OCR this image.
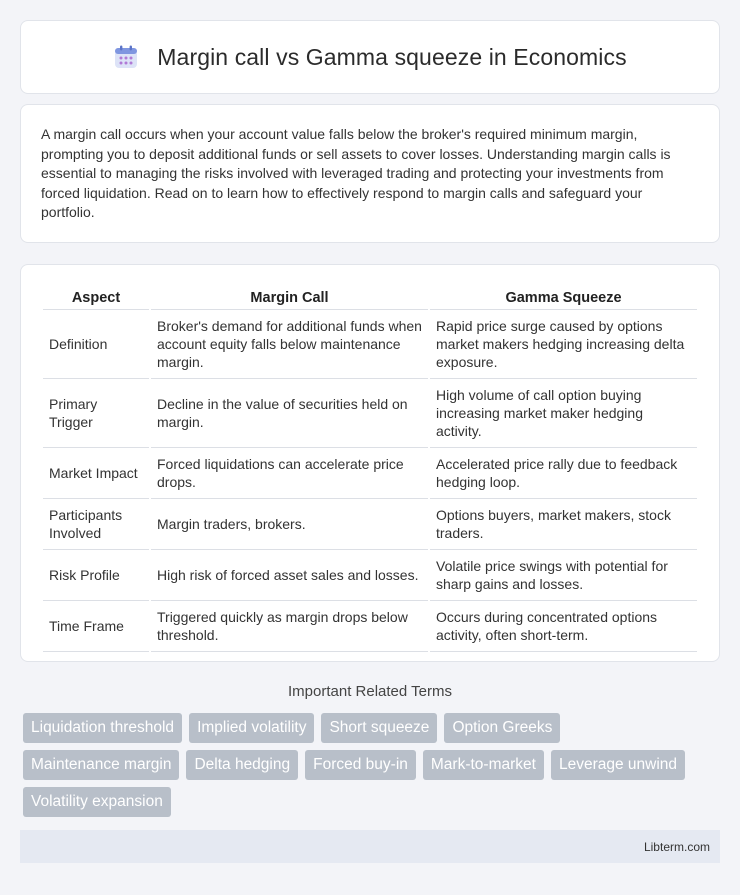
Margin call vs Gamma squeeze in Economics

A margin call occurs when your account value falls below the broker's required minimum margin, prompting you to deposit additional funds or sell assets to cover losses. Understanding margin calls is essential to managing the risks involved with leveraged trading and protecting your investments from forced liquidation. Read on to learn how to effectively respond to margin calls and safeguard your portfolio.

Aspect	Margin Call	Gamma Squeeze
Definition	Broker's demand for additional funds when account equity falls below maintenance margin.	Rapid price surge caused by options market makers hedging increasing delta exposure.
Primary Trigger	Decline in the value of securities held on margin.	High volume of call option buying increasing market maker hedging activity.
Market Impact	Forced liquidations can accelerate price drops.	Accelerated price rally due to feedback hedging loop.
Participants Involved	Margin traders, brokers.	Options buyers, market makers, stock traders.
Risk Profile	High risk of forced asset sales and losses.	Volatile price swings with potential for sharp gains and losses.
Time Frame	Triggered quickly as margin drops below threshold.	Occurs during concentrated options activity, often short-term.
Important Related Terms
Liquidation threshold	Implied volatility	Short squeeze	Option Greeks
Maintenance margin	Delta hedging	Forced buy-in	Mark-to-market	Leverage unwind
Volatility expansion
Libterm.com
